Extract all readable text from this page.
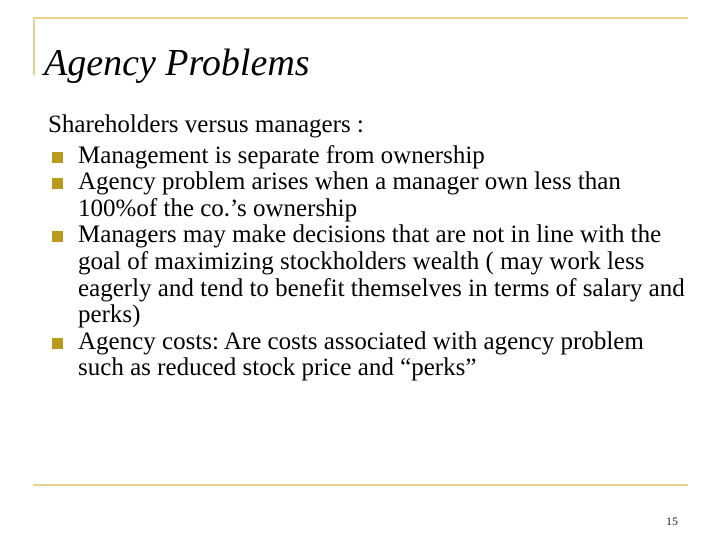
Agency Problems

Shareholders versus managers :

Management is separate from ownership
Agency problem arises when a manager own less than 100%of the co.’s ownership
Managers may make decisions that are not in line with the goal of maximizing stockholders wealth ( may work less eagerly and tend to benefit themselves in terms of salary and perks)
Agency costs: Are costs associated with agency problem such as reduced stock price and “perks”
15
